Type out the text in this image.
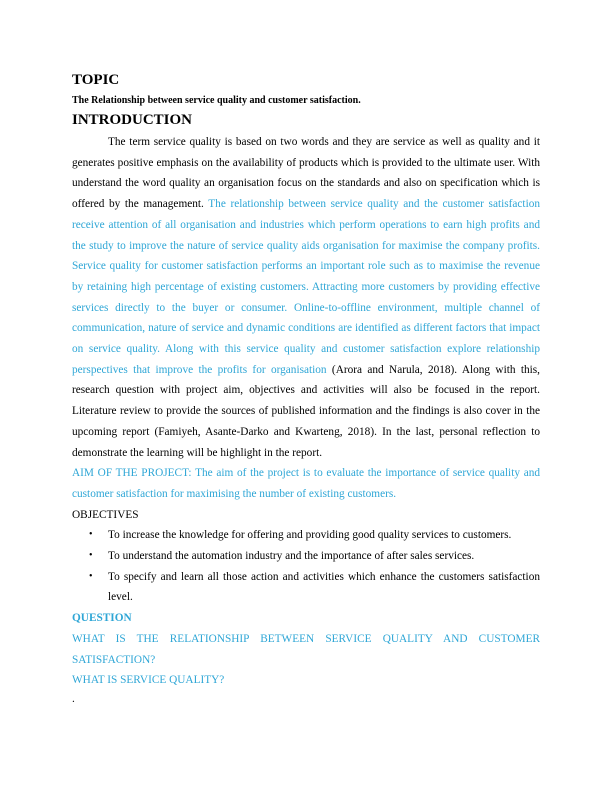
TOPIC

The Relationship between service quality and customer satisfaction.

INTRODUCTION

The term service quality is based on two words and they are service as well as quality and it generates positive emphasis on the availability of products which is provided to the ultimate user. With understand the word quality an organisation focus on the standards and also on specification which is offered by the management. The relationship between service quality and the customer satisfaction receive attention of all organisation and industries which perform operations to earn high profits and the study to improve the nature of service quality aids organisation for maximise the company profits. Service quality for customer satisfaction performs an important role such as to maximise the revenue by retaining high percentage of existing customers. Attracting more customers by providing effective services directly to the buyer or consumer. Online-to-offline environment, multiple channel of communication, nature of service and dynamic conditions are identified as different factors that impact on service quality. Along with this service quality and customer satisfaction explore relationship perspectives that improve the profits for organisation (Arora and Narula, 2018). Along with this, research question with project aim, objectives and activities will also be focused in the report. Literature review to provide the sources of published information and the findings is also cover in the upcoming report (Famiyeh, Asante-Darko and Kwarteng, 2018). In the last, personal reflection to demonstrate the learning will be highlight in the report.

AIM OF THE PROJECT: The aim of the project is to evaluate the importance of service quality and customer satisfaction for maximising the number of existing customers.

OBJECTIVES

• To increase the knowledge for offering and providing good quality services to customers.
• To understand the automation industry and the importance of after sales services.
• To specify and learn all those action and activities which enhance the customers satisfaction level.

QUESTION

WHAT IS THE RELATIONSHIP BETWEEN SERVICE QUALITY AND CUSTOMER SATISFACTION?

WHAT IS SERVICE QUALITY?

.
